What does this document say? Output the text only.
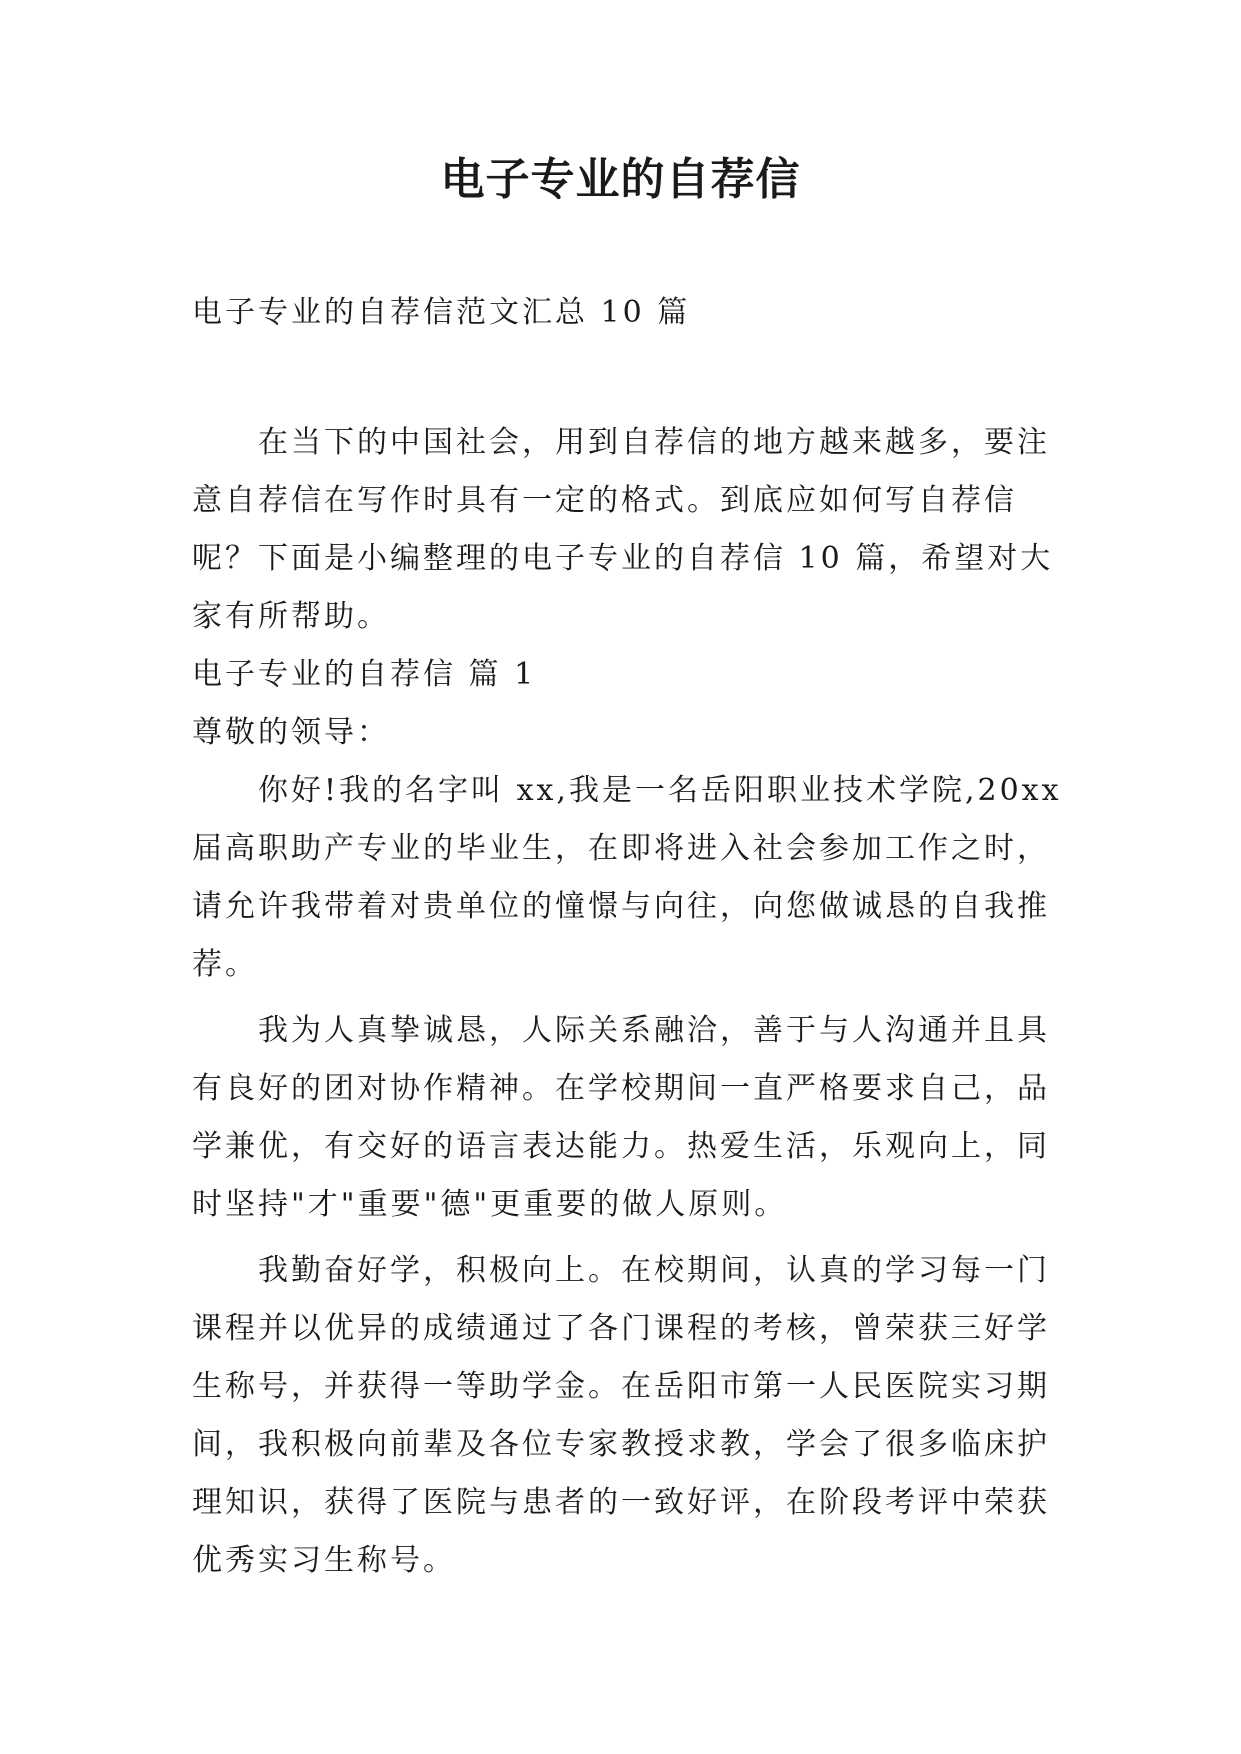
电子专业的自荐信
电子专业的自荐信范文汇总 10 篇
在当下的中国社会，用到自荐信的地方越来越多，要注
意自荐信在写作时具有一定的格式。到底应如何写自荐信
呢？下面是小编整理的电子专业的自荐信 10 篇，希望对大
家有所帮助。
电子专业的自荐信 篇 1
尊敬的领导：
你好!我的名字叫 xx,我是一名岳阳职业技术学院,20xx
届高职助产专业的毕业生，在即将进入社会参加工作之时，
请允许我带着对贵单位的憧憬与向往，向您做诚恳的自我推
荐。
我为人真挚诚恳，人际关系融洽，善于与人沟通并且具
有良好的团对协作精神。在学校期间一直严格要求自己，品
学兼优，有交好的语言表达能力。热爱生活，乐观向上，同
时坚持"才"重要"德"更重要的做人原则。
我勤奋好学，积极向上。在校期间，认真的学习每一门
课程并以优异的成绩通过了各门课程的考核，曾荣获三好学
生称号，并获得一等助学金。在岳阳市第一人民医院实习期
间，我积极向前辈及各位专家教授求教，学会了很多临床护
理知识，获得了医院与患者的一致好评，在阶段考评中荣获
优秀实习生称号。
